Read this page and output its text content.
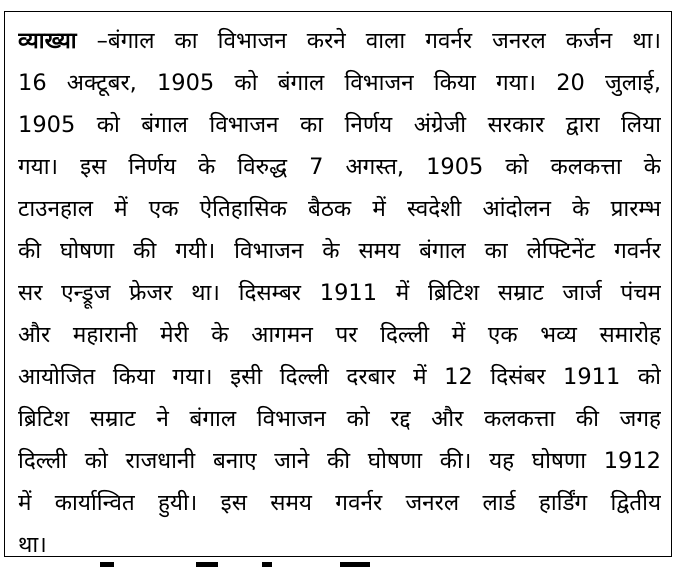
व्याख्या –बंगाल का विभाजन करने वाला गवर्नर जनरल कर्जन था।
16 अक्टूबर, 1905 को बंगाल विभाजन किया गया। 20 जुलाई,
1905 को बंगाल विभाजन का निर्णय अंग्रेजी सरकार द्वारा लिया
गया। इस निर्णय के विरुद्ध 7 अगस्त, 1905 को कलकत्ता के
टाउनहाल में एक ऐतिहासिक बैठक में स्वदेशी आंदोलन के प्रारम्भ
की घोषणा की गयी। विभाजन के समय बंगाल का लेफ्टिनेंट गवर्नर
सर एन्ड्रूज फ्रेजर था। दिसम्बर 1911 में ब्रिटिश सम्राट जार्ज पंचम
और महारानी मेरी के आगमन पर दिल्ली में एक भव्य समारोह
आयोजित किया गया। इसी दिल्ली दरबार में 12 दिसंबर 1911 को
ब्रिटिश सम्राट ने बंगाल विभाजन को रद्द और कलकत्ता की जगह
दिल्ली को राजधानी बनाए जाने की घोषणा की। यह घोषणा 1912
में कार्यान्वित हुयी। इस समय गवर्नर जनरल लार्ड हार्डिंग द्वितीय
था।
